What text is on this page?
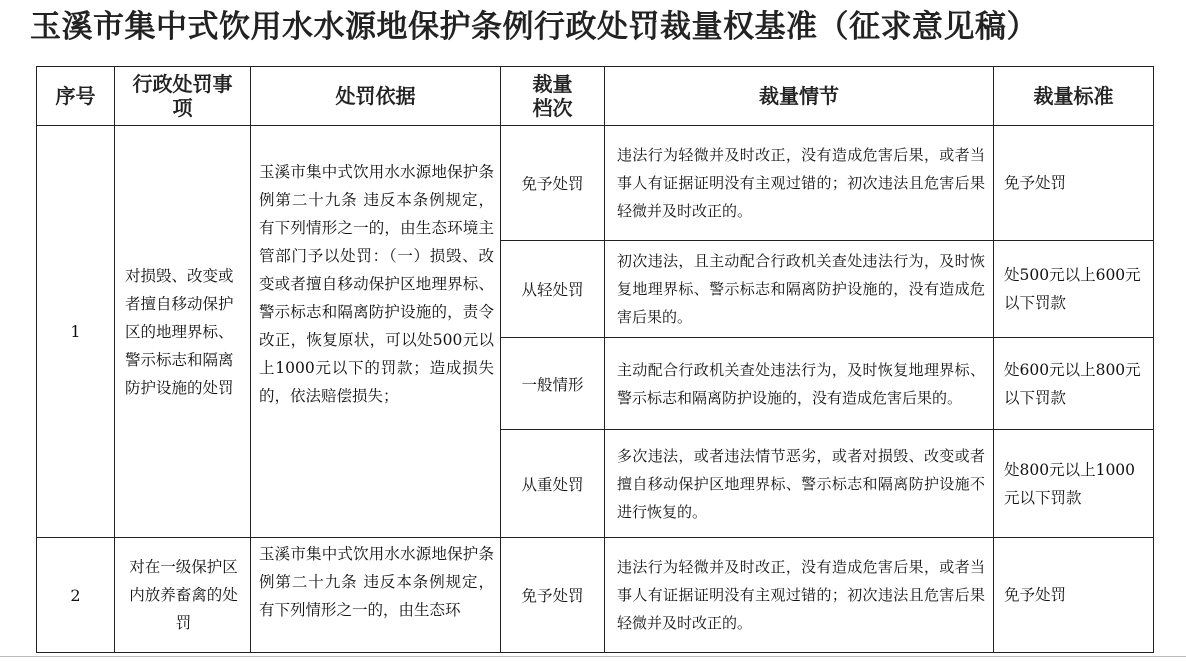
玉溪市集中式饮用水水源地保护条例行政处罚裁量权基准（征求意见稿）
序号	行政处罚事项	处罚依据	裁量档次	裁量情节	裁量标准
1	对损毁、改变或者擅自移动保护区的地理界标、警示标志和隔离防护设施的处罚	玉溪市集中式饮用水水源地保护条例第二十九条 违反本条例规定，有下列情形之一的，由生态环境主管部门予以处罚：（一）损毁、改变或者擅自移动保护区地理界标、警示标志和隔离防护设施的，责令改正，恢复原状，可以处500元以上1000元以下的罚款；造成损失的，依法赔偿损失；	免予处罚	违法行为轻微并及时改正，没有造成危害后果，或者当事人有证据证明没有主观过错的；初次违法且危害后果轻微并及时改正的。	免予处罚
			从轻处罚	初次违法，且主动配合行政机关查处违法行为，及时恢复地理界标、警示标志和隔离防护设施的，没有造成危害后果的。	处500元以上600元以下罚款
			一般情形	主动配合行政机关查处违法行为，及时恢复地理界标、警示标志和隔离防护设施的，没有造成危害后果的。	处600元以上800元以下罚款
			从重处罚	多次违法，或者违法情节恶劣，或者对损毁、改变或者擅自移动保护区地理界标、警示标志和隔离防护设施不进行恢复的。	处800元以上1000元以下罚款
2	对在一级保护区内放养畜禽的处罚	玉溪市集中式饮用水水源地保护条例第二十九条 违反本条例规定，有下列情形之一的，由生态环	免予处罚	违法行为轻微并及时改正，没有造成危害后果，或者当事人有证据证明没有主观过错的；初次违法且危害后果轻微并及时改正的。	免予处罚
